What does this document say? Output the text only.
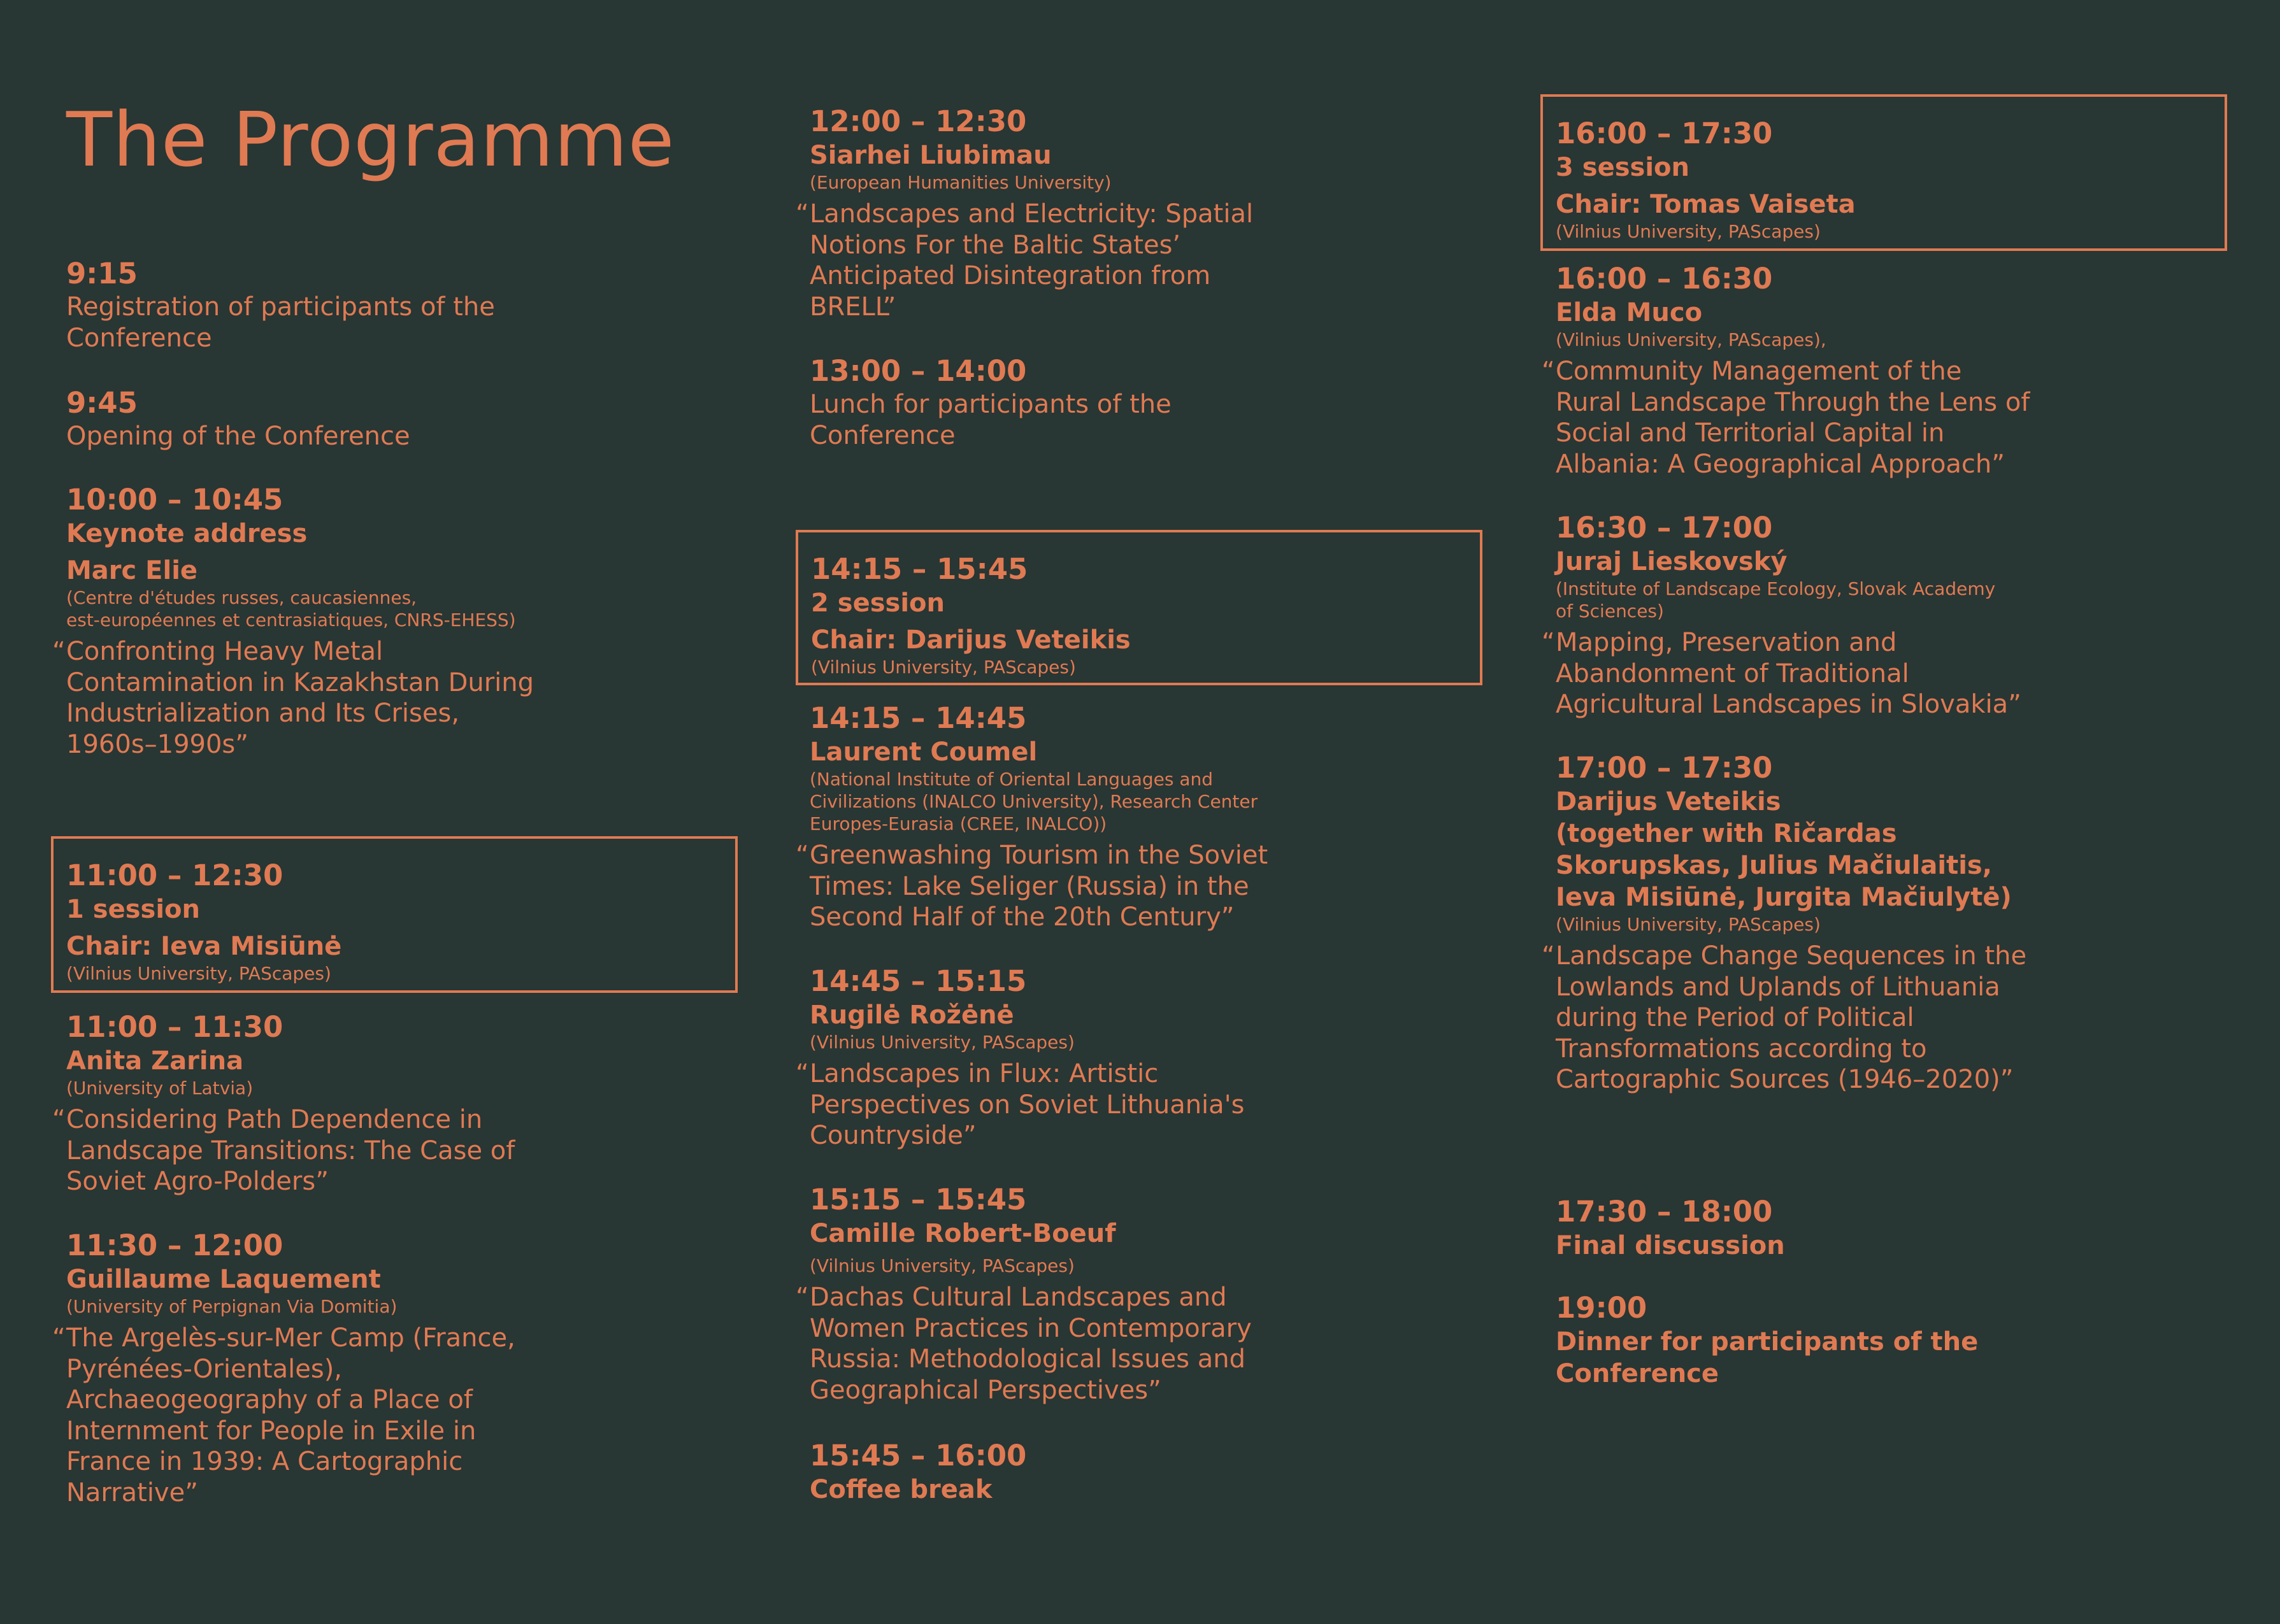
The Programme
9:15
Registration of participants of the
Conference
9:45
Opening of the Conference
10:00 – 10:45
Keynote address
Marc Elie
(Centre d'études russes, caucasiennes,
est-européennes et centrasiatiques, CNRS-EHESS)
“ Confronting Heavy Metal
Contamination in Kazakhstan During
Industrialization and Its Crises,
1960s–1990s”
11:00 – 12:30
1 session
Chair: Ieva Misiūnė
(Vilnius University, PAScapes)
11:00 – 11:30
Anita Zarina
(University of Latvia)
“ Considering Path Dependence in
Landscape Transitions: The Case of
Soviet Agro-Polders”
11:30 – 12:00
Guillaume Laquement
(University of Perpignan Via Domitia)
“ The Argelès-sur-Mer Camp (France,
Pyrénées-Orientales),
Archaeogeography of a Place of
Internment for People in Exile in
France in 1939: A Cartographic
Narrative”
12:00 – 12:30
Siarhei Liubimau
(European Humanities University)
“ Landscapes and Electricity: Spatial
Notions For the Baltic States’
Anticipated Disintegration from
BRELL”
13:00 – 14:00
Lunch for participants of the
Conference
14:15 – 15:45
2 session
Chair: Darijus Veteikis
(Vilnius University, PAScapes)
14:15 – 14:45
Laurent Coumel
(National Institute of Oriental Languages and
Civilizations (INALCO University), Research Center
Europes-Eurasia (CREE, INALCO))
“ Greenwashing Tourism in the Soviet
Times: Lake Seliger (Russia) in the
Second Half of the 20th Century”
14:45 – 15:15
Rugilė Rožėnė
(Vilnius University, PAScapes)
“ Landscapes in Flux: Artistic
Perspectives on Soviet Lithuania's
Countryside”
15:15 – 15:45
Camille Robert-Boeuf
(Vilnius University, PAScapes)
“ Dachas Cultural Landscapes and
Women Practices in Contemporary
Russia: Methodological Issues and
Geographical Perspectives”
15:45 – 16:00
Coffee break
16:00 – 17:30
3 session
Chair: Tomas Vaiseta
(Vilnius University, PAScapes)
16:00 – 16:30
Elda Muco
(Vilnius University, PAScapes),
“ Community Management of the
Rural Landscape Through the Lens of
Social and Territorial Capital in
Albania: A Geographical Approach”
16:30 – 17:00
Juraj Lieskovský
(Institute of Landscape Ecology, Slovak Academy
of Sciences)
“ Mapping, Preservation and
Abandonment of Traditional
Agricultural Landscapes in Slovakia”
17:00 – 17:30
Darijus Veteikis
(together with Ričardas
Skorupskas, Julius Mačiulaitis,
Ieva Misiūnė, Jurgita Mačiulytė)
(Vilnius University, PAScapes)
“ Landscape Change Sequences in the
Lowlands and Uplands of Lithuania
during the Period of Political
Transformations according to
Cartographic Sources (1946–2020)”
17:30 – 18:00
Final discussion
19:00
Dinner for participants of the
Conference
